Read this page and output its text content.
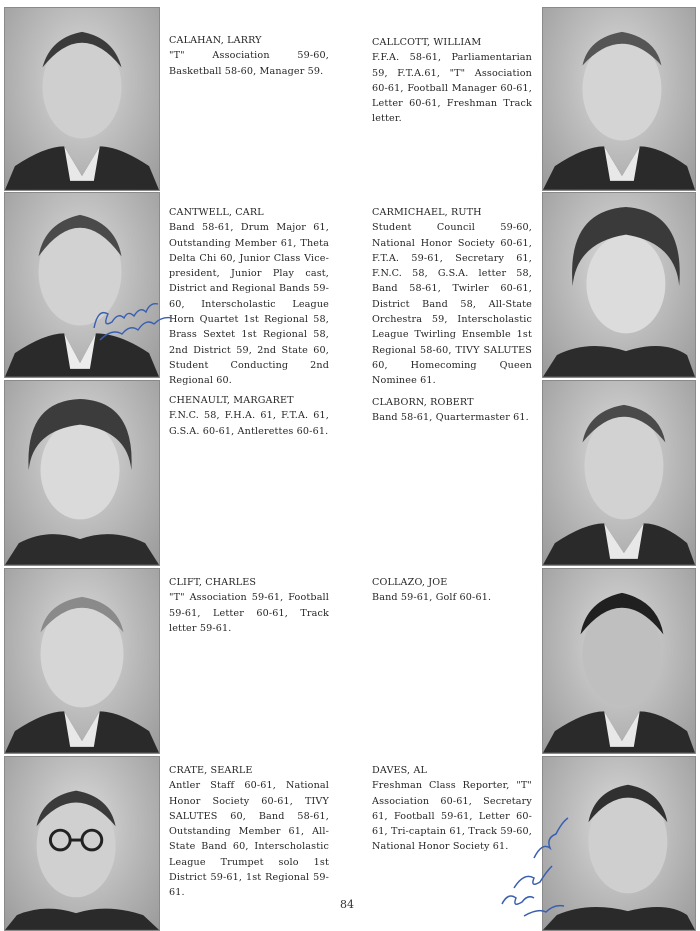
CALAHAN, LARRY
"T" Association 59-60, Basketball 58-60, Manager 59.
CANTWELL, CARL
Band 58-61, Drum Major 61, Outstanding Member 61, Theta Delta Chi 60, Junior Class Vice-president, Junior Play cast, District and Regional Bands 59-60, Interscholastic League Horn Quartet 1st Regional 58, Brass Sextet 1st Regional 58, 2nd District 59, 2nd State 60, Student Conducting 2nd Regional 60.
CHENAULT, MARGARET
F.N.C. 58, F.H.A. 61, F.T.A. 61, G.S.A. 60-61, Antlerettes 60-61.
CLIFT, CHARLES
"T" Association 59-61, Football 59-61, Letter 60-61, Track letter 59-61.
CRATE, SEARLE
Antler Staff 60-61, National Honor Society 60-61, TIVY SALUTES 60, Band 58-61, Outstanding Member 61, All-State Band 60, Interscholastic League Trumpet solo 1st District 59-61, 1st Regional 59-61.
CALLCOTT, WILLIAM
F.F.A. 58-61, Parliamentarian 59, F.T.A.61, "T" Association 60-61, Football Manager 60-61, Letter 60-61, Freshman Track letter.
CARMICHAEL, RUTH
Student Council 59-60, National Honor Society 60-61, F.T.A. 59-61, Secretary 61, F.N.C. 58, G.S.A. letter 58, Band 58-61, Twirler 60-61, District Band 58, All-State Orchestra 59, Interscholastic League Twirling Ensemble 1st Regional 58-60, TIVY SALUTES 60, Homecoming Queen Nominee 61.
CLABORN, ROBERT
Band 58-61, Quartermaster 61.
COLLAZO, JOE
Band 59-61, Golf 60-61.
DAVES, AL
Freshman Class Reporter, "T" Association 60-61, Secretary 61, Football 59-61, Letter 60-61, Tri-captain 61, Track 59-60, National Honor Society 61.
84
